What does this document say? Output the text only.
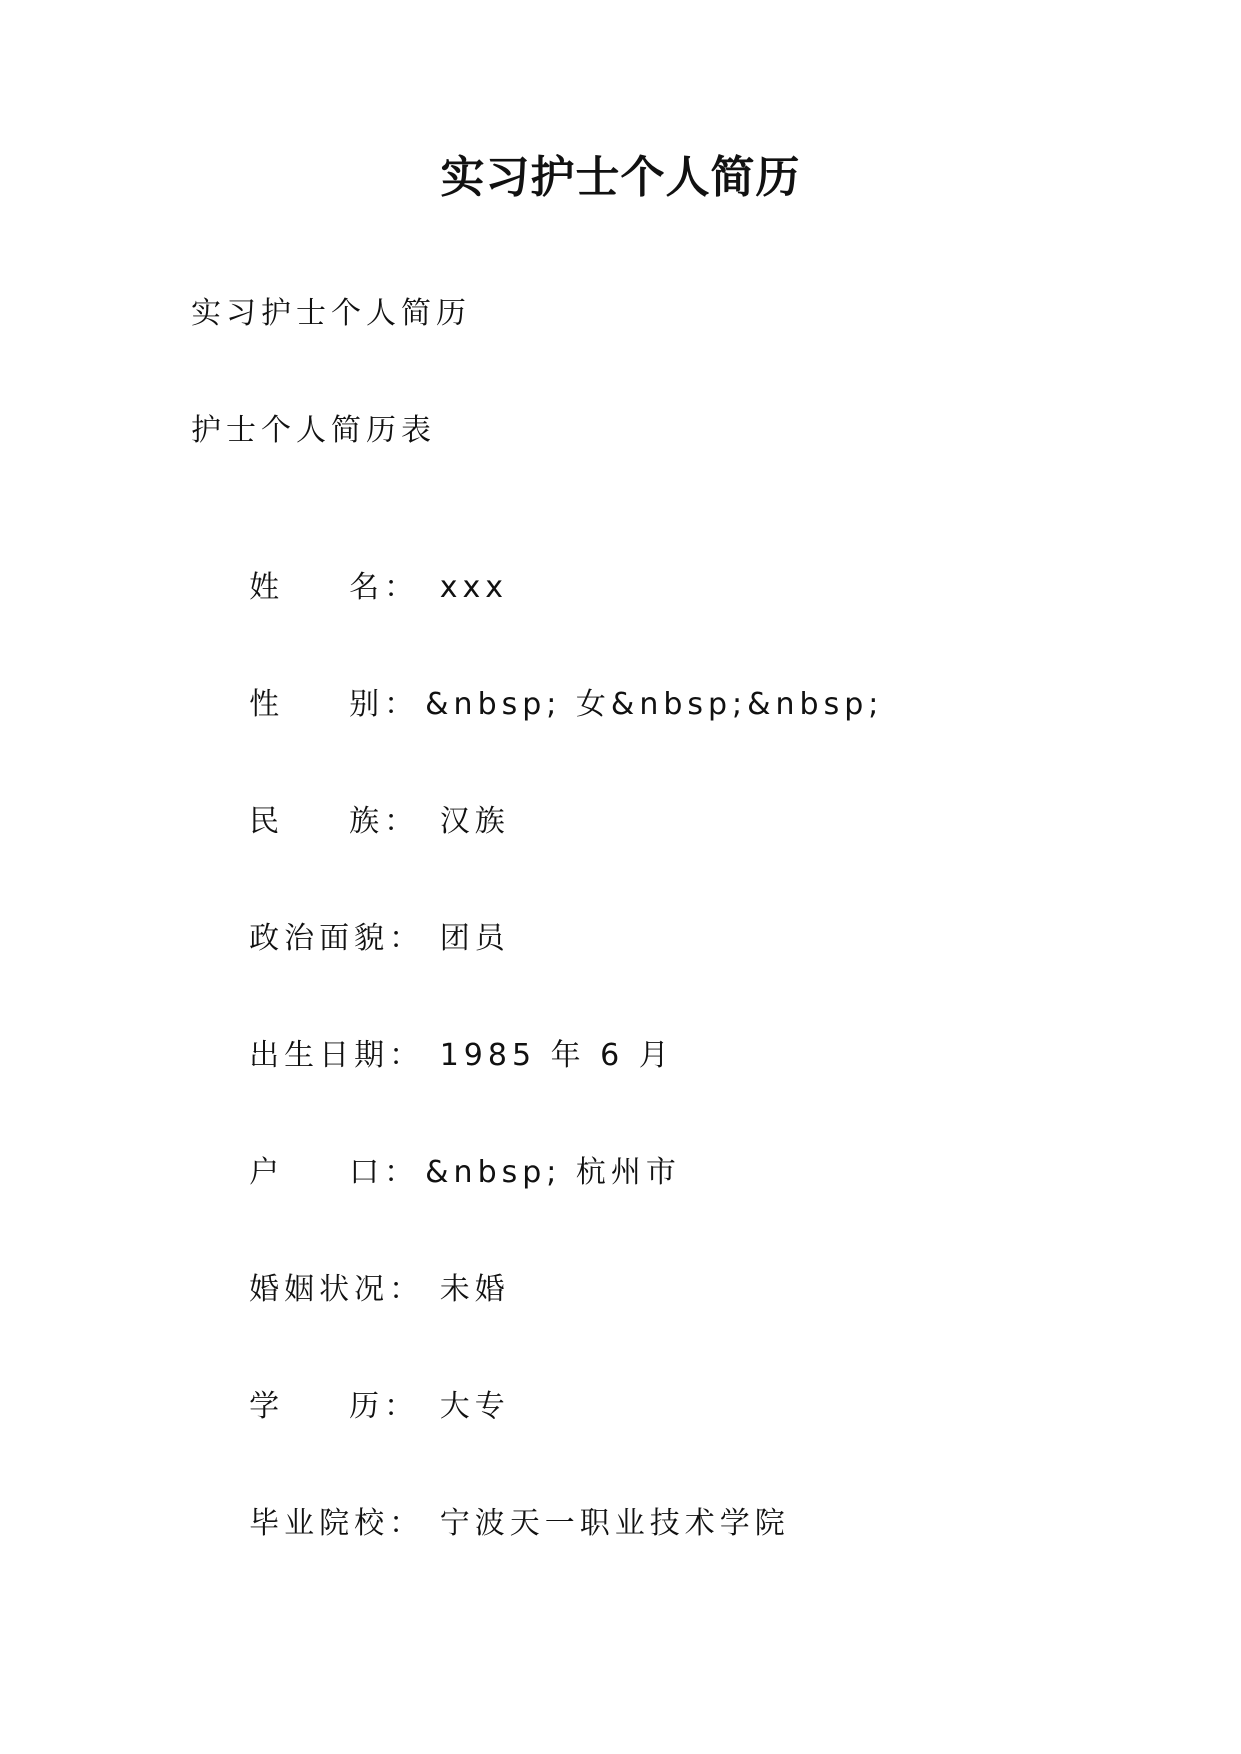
实习护士个人简历
实习护士个人简历
护士个人简历表

姓 名： xxx

性 别： &nbsp; 女&nbsp;&nbsp;

民 族： 汉族

政治面貌： 团员

出生日期： 1985 年 6 月

户 口： &nbsp; 杭州市

婚姻状况： 未婚

学 历： 大专

毕业院校： 宁波天一职业技术学院
